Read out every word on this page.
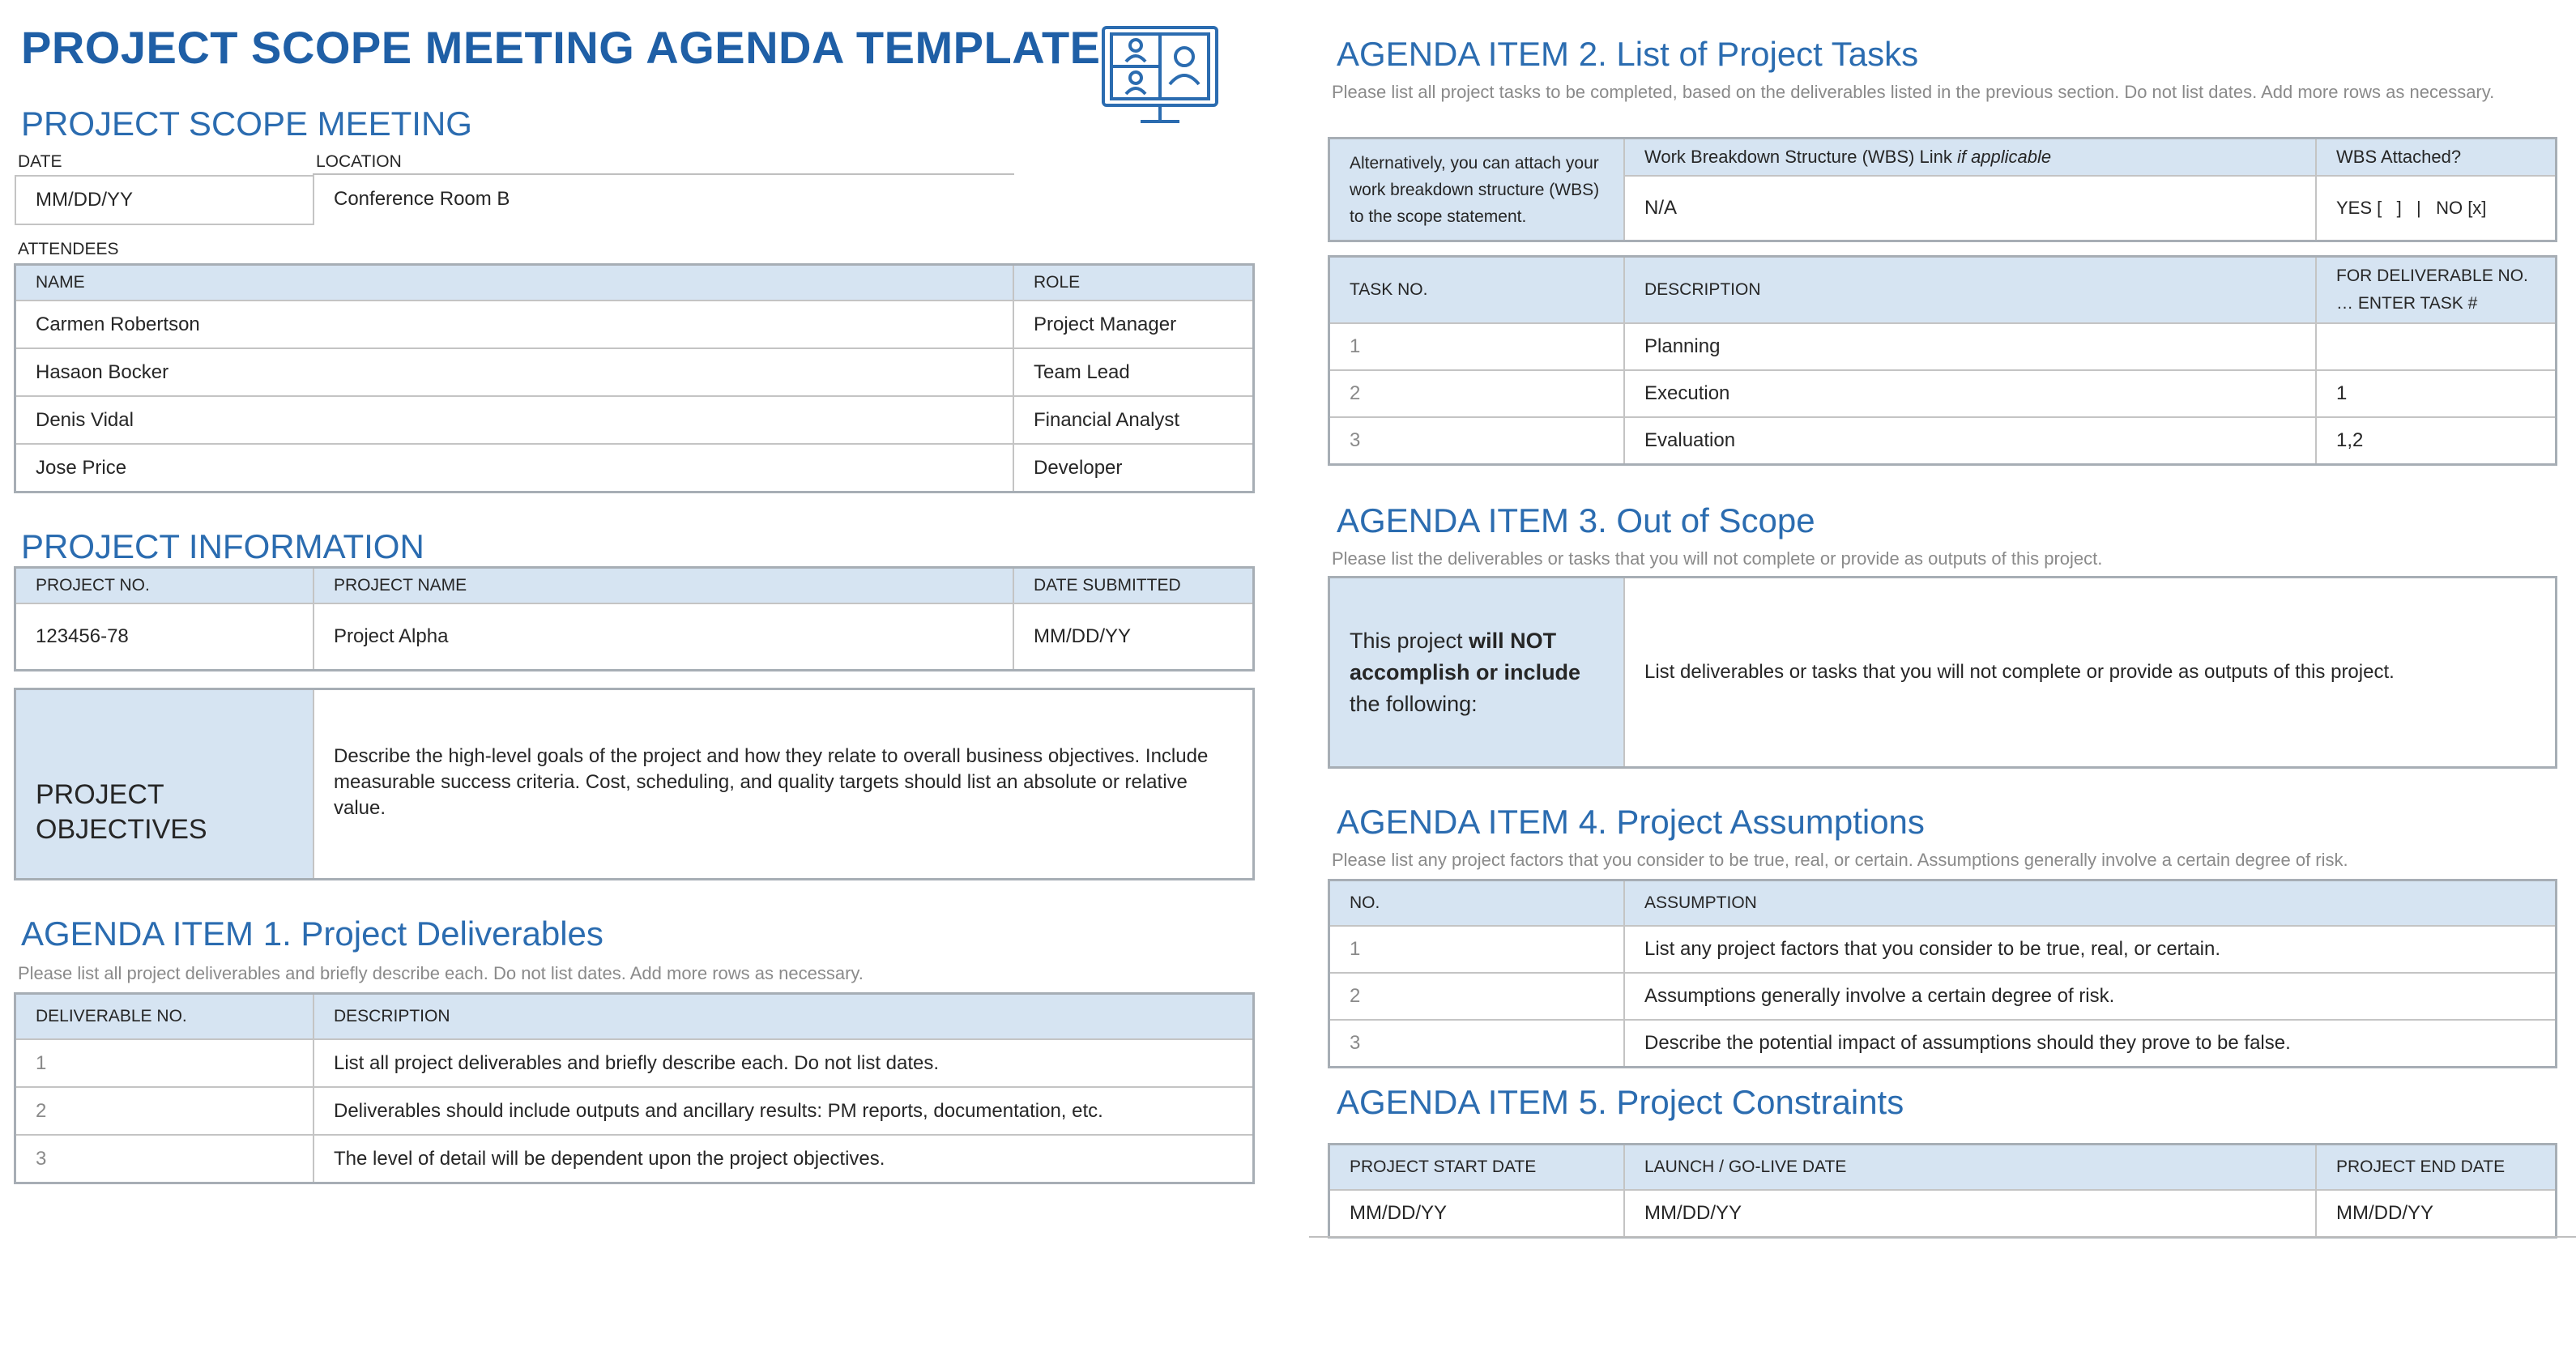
PROJECT SCOPE MEETING AGENDA TEMPLATE
PROJECT SCOPE MEETING
DATE	LOCATION
MM/DD/YY	Conference Room B
ATTENDEES
NAME	ROLE
Carmen Robertson	Project Manager
Hasaon Bocker	Team Lead
Denis Vidal	Financial Analyst
Jose Price	Developer
PROJECT INFORMATION
PROJECT NO.	PROJECT NAME	DATE SUBMITTED
123456-78	Project Alpha	MM/DD/YY
PROJECT OBJECTIVES	Describe the high-level goals of the project and how they relate to overall business objectives. Include measurable success criteria. Cost, scheduling, and quality targets should list an absolute or relative value.
AGENDA ITEM 1. Project Deliverables
Please list all project deliverables and briefly describe each. Do not list dates. Add more rows as necessary.
DELIVERABLE NO.	DESCRIPTION
1	List all project deliverables and briefly describe each. Do not list dates.
2	Deliverables should include outputs and ancillary results: PM reports, documentation, etc.
3	The level of detail will be dependent upon the project objectives.
AGENDA ITEM 2. List of Project Tasks
Please list all project tasks to be completed, based on the deliverables listed in the previous section. Do not list dates. Add more rows as necessary.
Alternatively, you can attach your work breakdown structure (WBS) to the scope statement.	Work Breakdown Structure (WBS) Link if applicable	WBS Attached?
	N/A	YES [   ]   |   NO [x]
TASK NO.	DESCRIPTION	FOR DELIVERABLE NO. … ENTER TASK #
1	Planning	
2	Execution	1
3	Evaluation	1,2
AGENDA ITEM 3. Out of Scope
Please list the deliverables or tasks that you will not complete or provide as outputs of this project.
This project will NOT accomplish or include the following:	List deliverables or tasks that you will not complete or provide as outputs of this project.
AGENDA ITEM 4. Project Assumptions
Please list any project factors that you consider to be true, real, or certain. Assumptions generally involve a certain degree of risk.
NO.	ASSUMPTION
1	List any project factors that you consider to be true, real, or certain.
2	Assumptions generally involve a certain degree of risk.
3	Describe the potential impact of assumptions should they prove to be false.
AGENDA ITEM 5. Project Constraints
PROJECT START DATE	LAUNCH / GO-LIVE DATE	PROJECT END DATE
MM/DD/YY	MM/DD/YY	MM/DD/YY
